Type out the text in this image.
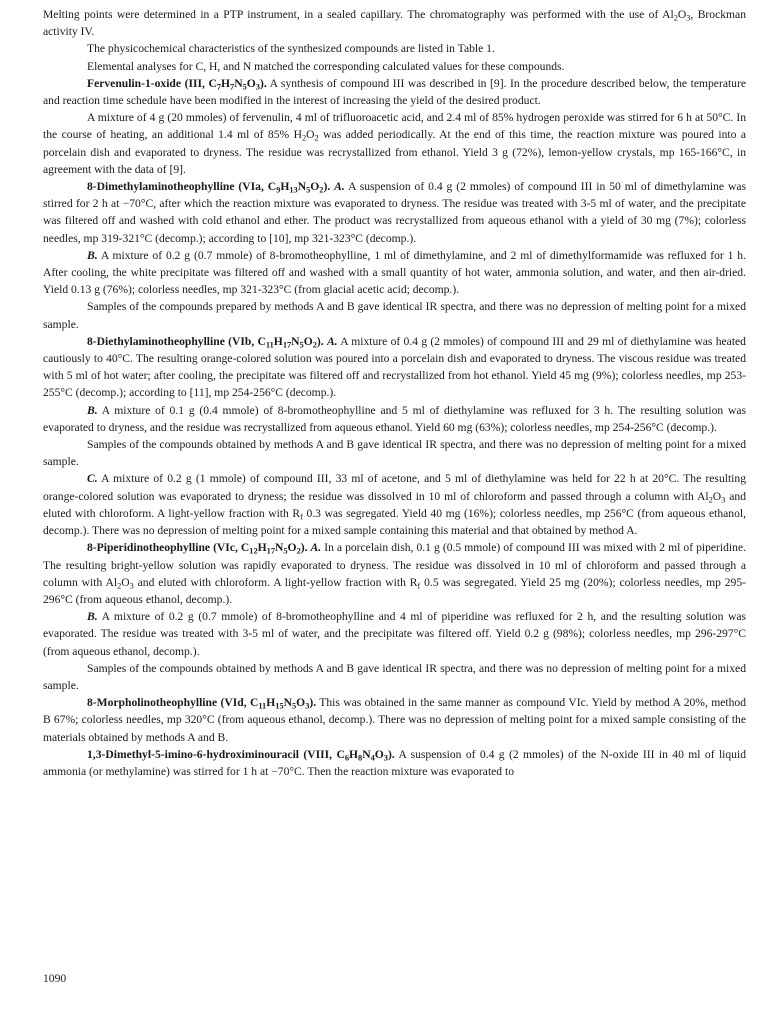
Melting points were determined in a PTP instrument, in a sealed capillary. The chromatography was performed with the use of $Al_2O_3$, Brockman activity IV.

The physicochemical characteristics of the synthesized compounds are listed in Table 1.

Elemental analyses for C, H, and N matched the corresponding calculated values for these compounds.

Fervenulin-1-oxide (III, $C_7H_7N_5O_3$). A synthesis of compound III was described in [9]. In the procedure described below, the temperature and reaction time schedule have been modified in the interest of increasing the yield of the desired product.

A mixture of 4 g (20 mmoles) of fervenulin, 4 ml of trifluoroacetic acid, and 2.4 ml of 85% hydrogen peroxide was stirred for 6 h at 50°C. In the course of heating, an additional 1.4 ml of 85% $H_2O_2$ was added periodically. At the end of this time, the reaction mixture was poured into a porcelain dish and evaporated to dryness. The residue was recrystallized from ethanol. Yield 3 g (72%), lemon-yellow crystals, mp 165-166°C, in agreement with the data of [9].

8-Dimethylaminotheophylline (VIa, $C_9H_{13}N_5O_2$). A. A suspension of 0.4 g (2 mmoles) of compound III in 50 ml of dimethylamine was stirred for 2 h at −70°C, after which the reaction mixture was evaporated to dryness. The residue was treated with 3-5 ml of water, and the precipitate was filtered off and washed with cold ethanol and ether. The product was recrystallized from aqueous ethanol with a yield of 30 mg (7%); colorless needles, mp 319-321°C (decomp.); according to [10], mp 321-323°C (decomp.).

B. A mixture of 0.2 g (0.7 mmole) of 8-bromotheophylline, 1 ml of dimethylamine, and 2 ml of dimethylformamide was refluxed for 1 h. After cooling, the white precipitate was filtered off and washed with a small quantity of hot water, ammonia solution, and water, and then air-dried. Yield 0.13 g (76%); colorless needles, mp 321-323°C (from glacial acetic acid; decomp.).

Samples of the compounds prepared by methods A and B gave identical IR spectra, and there was no depression of melting point for a mixed sample.

8-Diethylaminotheophylline (VIb, $C_{11}H_{17}N_5O_2$). A. A mixture of 0.4 g (2 mmoles) of compound III and 29 ml of diethylamine was heated cautiously to 40°C. The resulting orange-colored solution was poured into a porcelain dish and evaporated to dryness. The viscous residue was treated with 5 ml of hot water; after cooling, the precipitate was filtered off and recrystallized from hot ethanol. Yield 45 mg (9%); colorless needles, mp 253-255°C (decomp.); according to [11], mp 254-256°C (decomp.).

B. A mixture of 0.1 g (0.4 mmole) of 8-bromotheophylline and 5 ml of diethylamine was refluxed for 3 h. The resulting solution was evaporated to dryness, and the residue was recrystallized from aqueous ethanol. Yield 60 mg (63%); colorless needles, mp 254-256°C (decomp.).

Samples of the compounds obtained by methods A and B gave identical IR spectra, and there was no depression of melting point for a mixed sample.

C. A mixture of 0.2 g (1 mmole) of compound III, 33 ml of acetone, and 5 ml of diethylamine was held for 22 h at 20°C. The resulting orange-colored solution was evaporated to dryness; the residue was dissolved in 10 ml of chloroform and passed through a column with $Al_2O_3$ and eluted with chloroform. A light-yellow fraction with $R_f$ 0.3 was segregated. Yield 40 mg (16%); colorless needles, mp 256°C (from aqueous ethanol, decomp.). There was no depression of melting point for a mixed sample containing this material and that obtained by method A.

8-Piperidinotheophylline (VIc, $C_{12}H_{17}N_5O_2$). A. In a porcelain dish, 0.1 g (0.5 mmole) of compound III was mixed with 2 ml of piperidine. The resulting bright-yellow solution was rapidly evaporated to dryness. The residue was dissolved in 10 ml of chloroform and passed through a column with $Al_2O_3$ and eluted with chloroform. A light-yellow fraction with $R_f$ 0.5 was segregated. Yield 25 mg (20%); colorless needles, mp 295-296°C (from aqueous ethanol, decomp.).

B. A mixture of 0.2 g (0.7 mmole) of 8-bromotheophylline and 4 ml of piperidine was refluxed for 2 h, and the resulting solution was evaporated. The residue was treated with 3-5 ml of water, and the precipitate was filtered off. Yield 0.2 g (98%); colorless needles, mp 296-297°C (from aqueous ethanol, decomp.).

Samples of the compounds obtained by methods A and B gave identical IR spectra, and there was no depression of melting point for a mixed sample.

8-Morpholinotheophylline (VId, $C_{11}H_{15}N_5O_3$). This was obtained in the same manner as compound VIc. Yield by method A 20%, method B 67%; colorless needles, mp 320°C (from aqueous ethanol, decomp.). There was no depression of melting point for a mixed sample consisting of the materials obtained by methods A and B.

1,3-Dimethyl-5-imino-6-hydroximinouracil (VIII, $C_6H_8N_4O_3$). A suspension of 0.4 g (2 mmoles) of the N-oxide III in 40 ml of liquid ammonia (or methylamine) was stirred for 1 h at −70°C. Then the reaction mixture was evaporated to

1090
